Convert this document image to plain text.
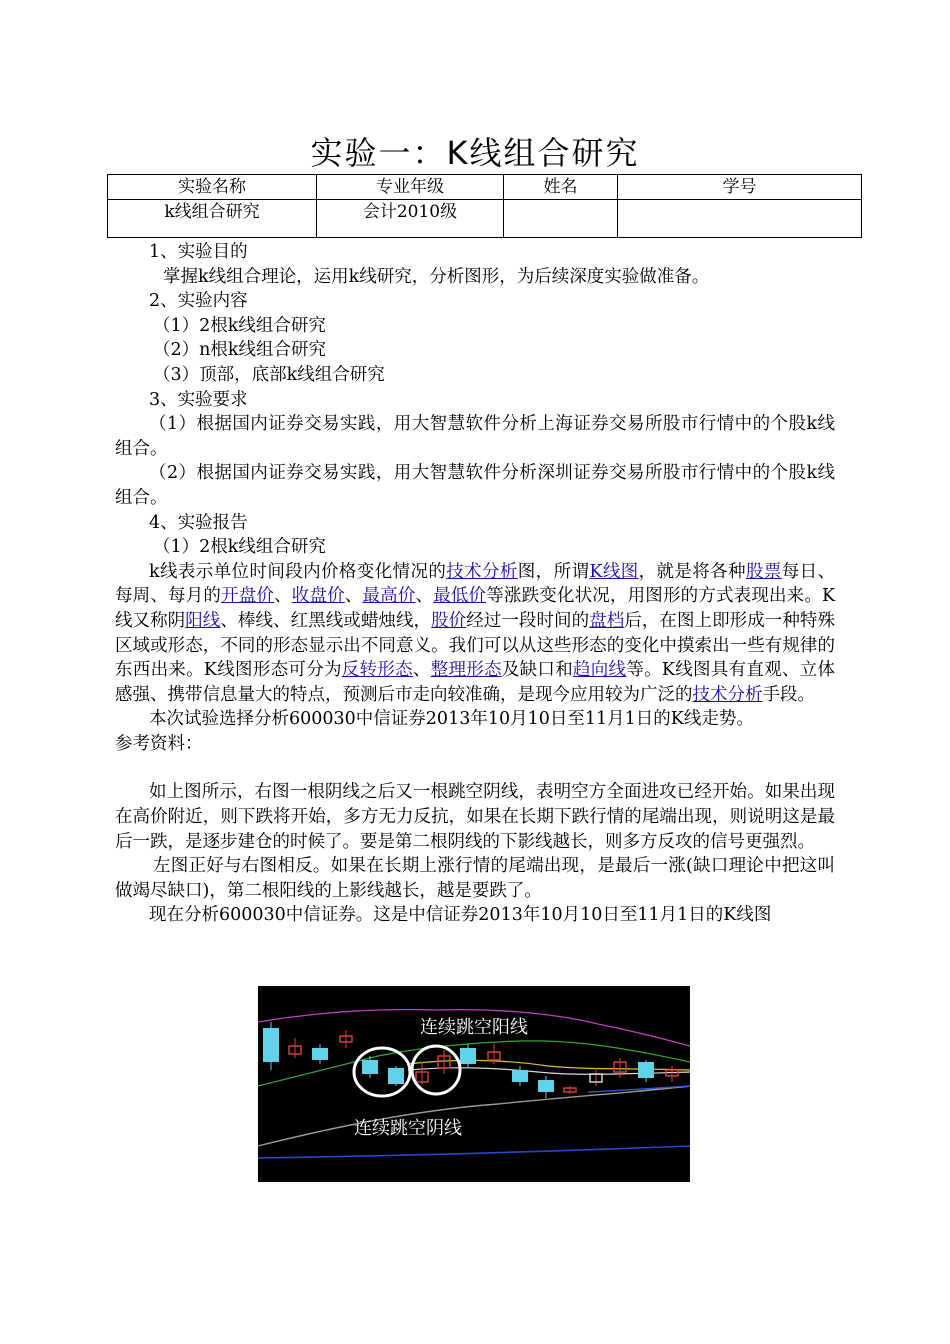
实验一：K线组合研究
实验名称	专业年级	姓名	学号
k线组合研究	会计2010级		

1、实验目的

掌握k线组合理论，运用k线研究，分析图形，为后续深度实验做准备。

2、实验内容

（1）2根k线组合研究

（2）n根k线组合研究

（3）顶部，底部k线组合研究

3、实验要求

（1）根据国内证券交易实践，用大智慧软件分析上海证券交易所股市行情中的个股k线组合。

（2）根据国内证券交易实践，用大智慧软件分析深圳证券交易所股市行情中的个股k线组合。

4、实验报告

（1）2根k线组合研究

k线表示单位时间段内价格变化情况的技术分析图，所谓K线图，就是将各种股票每日、每周、每月的开盘价、收盘价、最高价、最低价等涨跌变化状况，用图形的方式表现出来。K线又称阴阳线、棒线、红黑线或蜡烛线，股价经过一段时间的盘档后，在图上即形成一种特殊区域或形态，不同的形态显示出不同意义。我们可以从这些形态的变化中摸索出一些有规律的东西出来。K线图形态可分为反转形态、整理形态及缺口和趋向线等。K线图具有直观、立体感强、携带信息量大的特点，预测后市走向较准确，是现今应用较为广泛的技术分析手段。

本次试验选择分析600030中信证券2013年10月10日至11月1日的K线走势。

参考资料：

如上图所示，右图一根阴线之后又一根跳空阴线，表明空方全面进攻已经开始。如果出现在高价附近，则下跌将开始，多方无力反抗，如果在长期下跌行情的尾端出现，则说明这是最后一跌，是逐步建仓的时候了。要是第二根阴线的下影线越长，则多方反攻的信号更强烈。

左图正好与右图相反。如果在长期上涨行情的尾端出现，是最后一涨(缺口理论中把这叫做竭尽缺口)，第二根阳线的上影线越长，越是要跌了。

现在分析600030中信证券。这是中信证券2013年10月10日至11月1日的K线图

连续跳空阳线
连续跳空阴线
